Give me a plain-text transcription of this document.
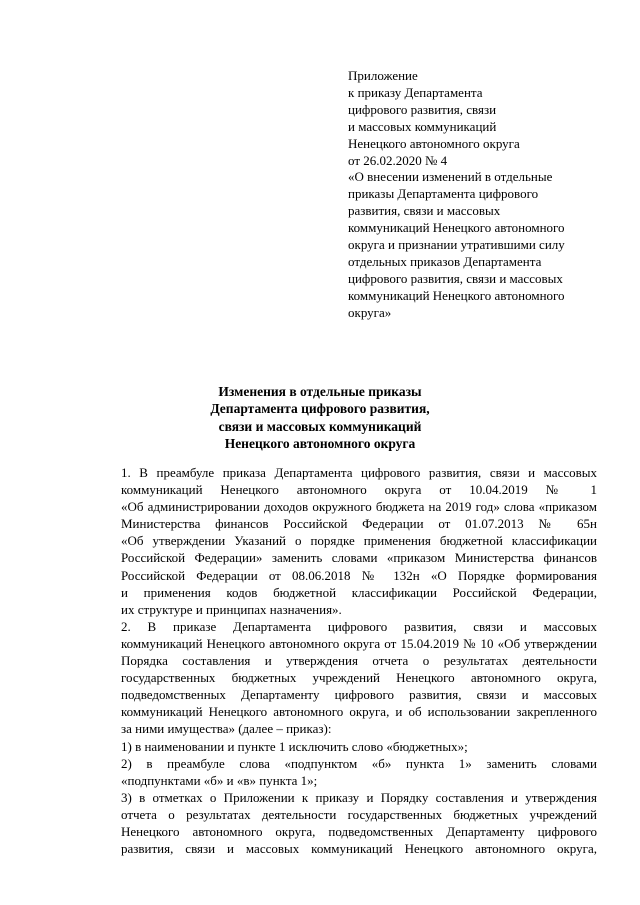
Приложение
к приказу Департамента
цифрового развития, связи
и массовых коммуникаций
Ненецкого автономного округа
от 26.02.2020 № 4
«О внесении изменений в отдельные
приказы Департамента цифрового
развития, связи и массовых
коммуникаций Ненецкого автономного
округа и признании утратившими силу
отдельных приказов Департамента
цифрового развития, связи и массовых
коммуникаций Ненецкого автономного
округа»
Изменения в отдельные приказы
Департамента цифрового развития,
связи и массовых коммуникаций
Ненецкого автономного округа
1. В преамбуле приказа Департамента цифрового развития, связи и массовых
коммуникаций Ненецкого автономного округа от 10.04.2019 № 1
«Об администрировании доходов окружного бюджета на 2019 год» слова «приказом
Министерства финансов Российской Федерации от 01.07.2013 № 65н
«Об утверждении Указаний о порядке применения бюджетной классификации
Российской Федерации» заменить словами «приказом Министерства финансов
Российской Федерации от 08.06.2018 № 132н «О Порядке формирования
и применения кодов бюджетной классификации Российской Федерации,
их структуре и принципах назначения».
2. В приказе Департамента цифрового развития, связи и массовых
коммуникаций Ненецкого автономного округа от 15.04.2019 № 10 «Об утверждении
Порядка составления и утверждения отчета о результатах деятельности
государственных бюджетных учреждений Ненецкого автономного округа,
подведомственных Департаменту цифрового развития, связи и массовых
коммуникаций Ненецкого автономного округа, и об использовании закрепленного
за ними имущества» (далее – приказ):
1) в наименовании и пункте 1 исключить слово «бюджетных»;
2) в преамбуле слова «подпунктом «б» пункта 1» заменить словами
«подпунктами «б» и «в» пункта 1»;
3) в отметках о Приложении к приказу и Порядку составления и утверждения
отчета о результатах деятельности государственных бюджетных учреждений
Ненецкого автономного округа, подведомственных Департаменту цифрового
развития, связи и массовых коммуникаций Ненецкого автономного округа,
